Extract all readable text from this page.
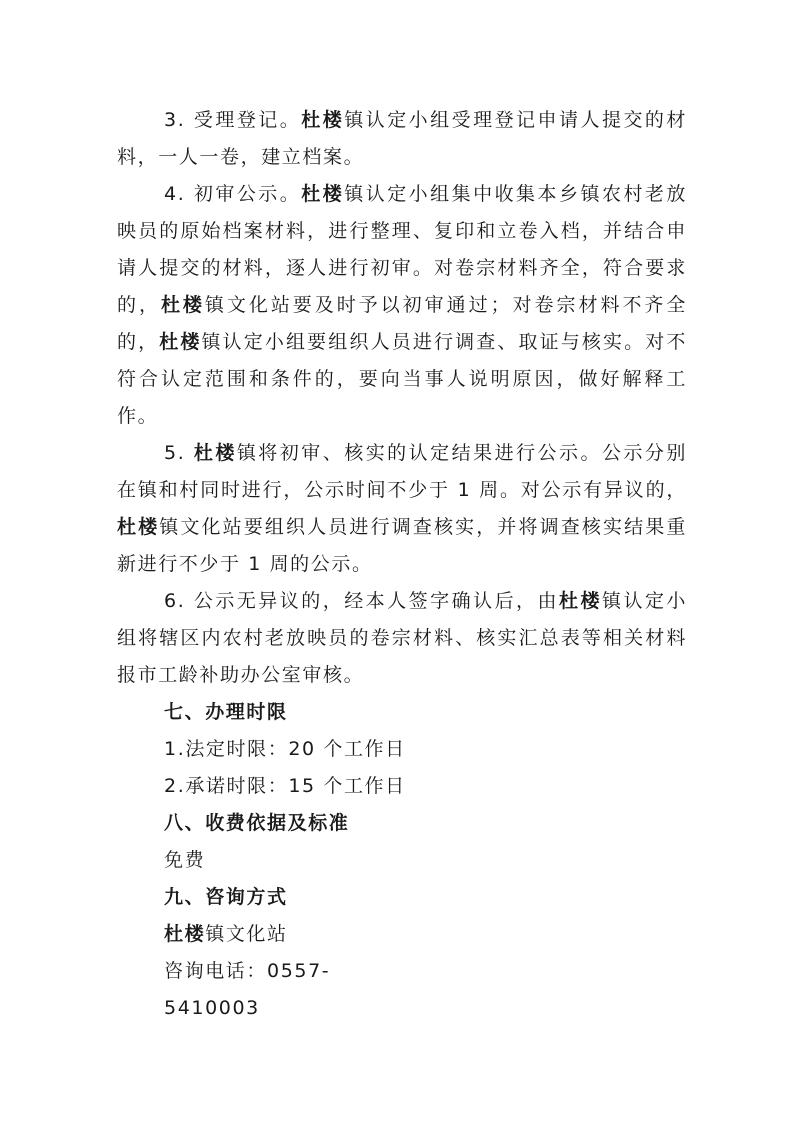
3. 受理登记。杜楼镇认定小组受理登记申请人提交的材料，一人一卷，建立档案。

4. 初审公示。杜楼镇认定小组集中收集本乡镇农村老放映员的原始档案材料，进行整理、复印和立卷入档，并结合申请人提交的材料，逐人进行初审。对卷宗材料齐全，符合要求的，杜楼镇文化站要及时予以初审通过；对卷宗材料不齐全的，杜楼镇认定小组要组织人员进行调查、取证与核实。对不符合认定范围和条件的，要向当事人说明原因，做好解释工作。

5. 杜楼镇将初审、核实的认定结果进行公示。公示分别在镇和村同时进行，公示时间不少于 1 周。对公示有异议的，杜楼镇文化站要组织人员进行调查核实，并将调查核实结果重新进行不少于 1 周的公示。

6. 公示无异议的，经本人签字确认后，由杜楼镇认定小组将辖区内农村老放映员的卷宗材料、核实汇总表等相关材料报市工龄补助办公室审核。

七、办理时限

1.法定时限：20 个工作日

2.承诺时限：15 个工作日

八、收费依据及标准

免费

九、咨询方式

杜楼镇文化站

咨询电话：0557-

5410003
